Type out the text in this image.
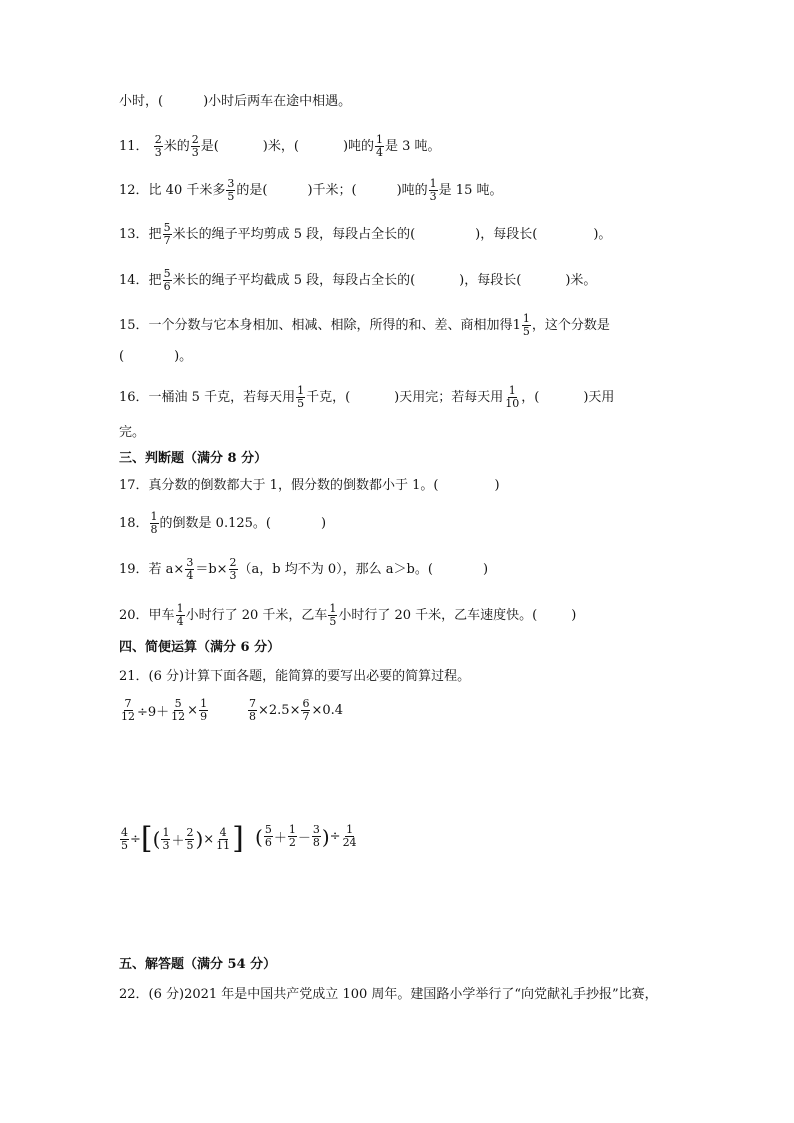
小时，(	)小时后两车在途中相遇。
11． $\frac{2}{3}$ 米的 $\frac{2}{3}$ 是(	)米，(	)吨的 $\frac{1}{4}$ 是 3 吨。
12．比 40 千米多 $\frac{3}{5}$ 的是(	)千米；(	)吨的 $\frac{1}{3}$ 是 15 吨。
13．把 $\frac{5}{7}$ 米长的绳子平均剪成 5 段，每段占全长的(	)，每段长(	)。
14．把 $\frac{5}{6}$ 米长的绳子平均截成 5 段，每段占全长的(	)，每段长(	)米。
15．一个分数与它本身相加、相减、相除，所得的和、差、商相加得 $1 \frac{1}{5}$ ，这个分数是
(	)。
16．一桶油 5 千克，若每天用 $\frac{1}{5}$ 千克，(	)天用完；若每天用 $\frac{1}{10}$ ，(	)天用
完。
三、判断题（满分 8 分）
17．真分数的倒数都大于 1，假分数的倒数都小于 1。(	)
18． $\frac{1}{8}$ 的倒数是 0.125。(	)
19．若 $a\times \frac{3}{4} =b\times \frac{2}{3} (a$，b 均不为 0），那么 a＞b。(	)
20．甲车 $\frac{1}{4}$ 小时行了 20 千米，乙车 $\frac{1}{5}$ 小时行了 20 千米，乙车速度快。(	)
四、简便运算（满分 6 分）
21．(6 分)计算下面各题，能简算的要写出必要的简算过程。
$\frac{7}{12} \div 9+ \frac{5}{12} \times \frac{1}{9}$	$\frac{7}{8} \times 2.5\times \frac{6}{7} \times 0.4$
$\frac{4}{5}$ ÷ [ ( $\frac{1}{3} + \frac{2}{5}$ ) × $\frac{4}{11}$ ] ( $\frac{5}{6} + \frac{1}{2} - \frac{3}{8}$ ) ÷ $\frac{1}{24}$
五、解答题（满分 54 分）
22．(6 分)2021 年是中国共产党成立 100 周年。建国路小学举行了“向党献礼手抄报”比赛，
